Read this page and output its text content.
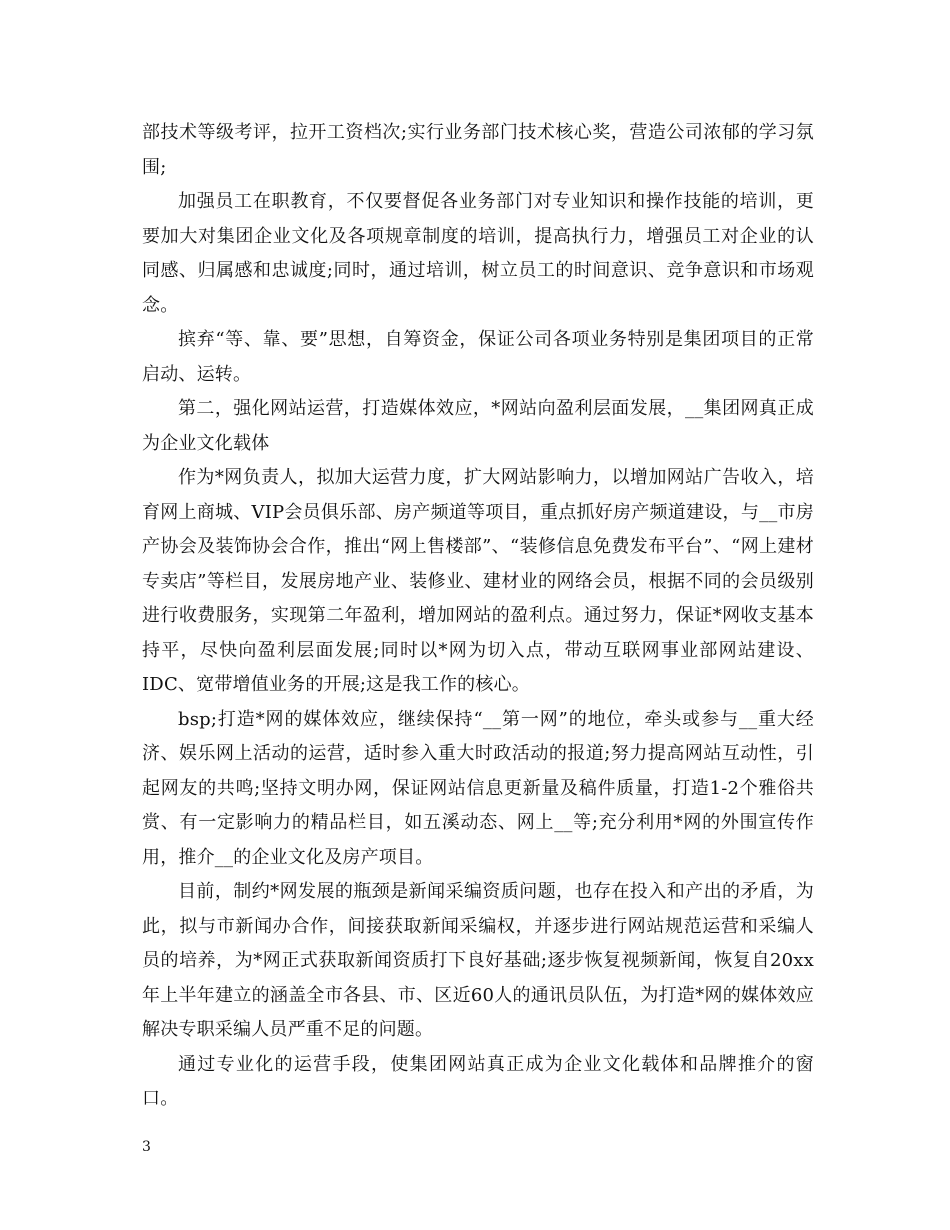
部技术等级考评，拉开工资档次;实行业务部门技术核心奖，营造公司浓郁的学习氛围;

加强员工在职教育，不仅要督促各业务部门对专业知识和操作技能的培训，更要加大对集团企业文化及各项规章制度的培训，提高执行力，增强员工对企业的认同感、归属感和忠诚度;同时，通过培训，树立员工的时间意识、竞争意识和市场观念。

摈弃“等、靠、要”思想，自筹资金，保证公司各项业务特别是集团项目的正常启动、运转。

第二，强化网站运营，打造媒体效应，*网站向盈利层面发展，__集团网真正成为企业文化载体

作为*网负责人，拟加大运营力度，扩大网站影响力，以增加网站广告收入，培育网上商城、VIP会员俱乐部、房产频道等项目，重点抓好房产频道建设，与__市房产协会及装饰协会合作，推出“网上售楼部”、“装修信息免费发布平台”、“网上建材专卖店”等栏目，发展房地产业、装修业、建材业的网络会员，根据不同的会员级别进行收费服务，实现第二年盈利，增加网站的盈利点。通过努力，保证*网收支基本持平，尽快向盈利层面发展;同时以*网为切入点，带动互联网事业部网站建设、IDC、宽带增值业务的开展;这是我工作的核心。

bsp;打造*网的媒体效应，继续保持“__第一网”的地位，牵头或参与__重大经济、娱乐网上活动的运营，适时参入重大时政活动的报道;努力提高网站互动性，引起网友的共鸣;坚持文明办网，保证网站信息更新量及稿件质量，打造1-2个雅俗共赏、有一定影响力的精品栏目，如五溪动态、网上__等;充分利用*网的外围宣传作用，推介__的企业文化及房产项目。

目前，制约*网发展的瓶颈是新闻采编资质问题，也存在投入和产出的矛盾，为此，拟与市新闻办合作，间接获取新闻采编权，并逐步进行网站规范运营和采编人员的培养，为*网正式获取新闻资质打下良好基础;逐步恢复视频新闻，恢复自20xx年上半年建立的涵盖全市各县、市、区近60人的通讯员队伍，为打造*网的媒体效应解决专职采编人员严重不足的问题。

通过专业化的运营手段，使集团网站真正成为企业文化载体和品牌推介的窗口。

3
